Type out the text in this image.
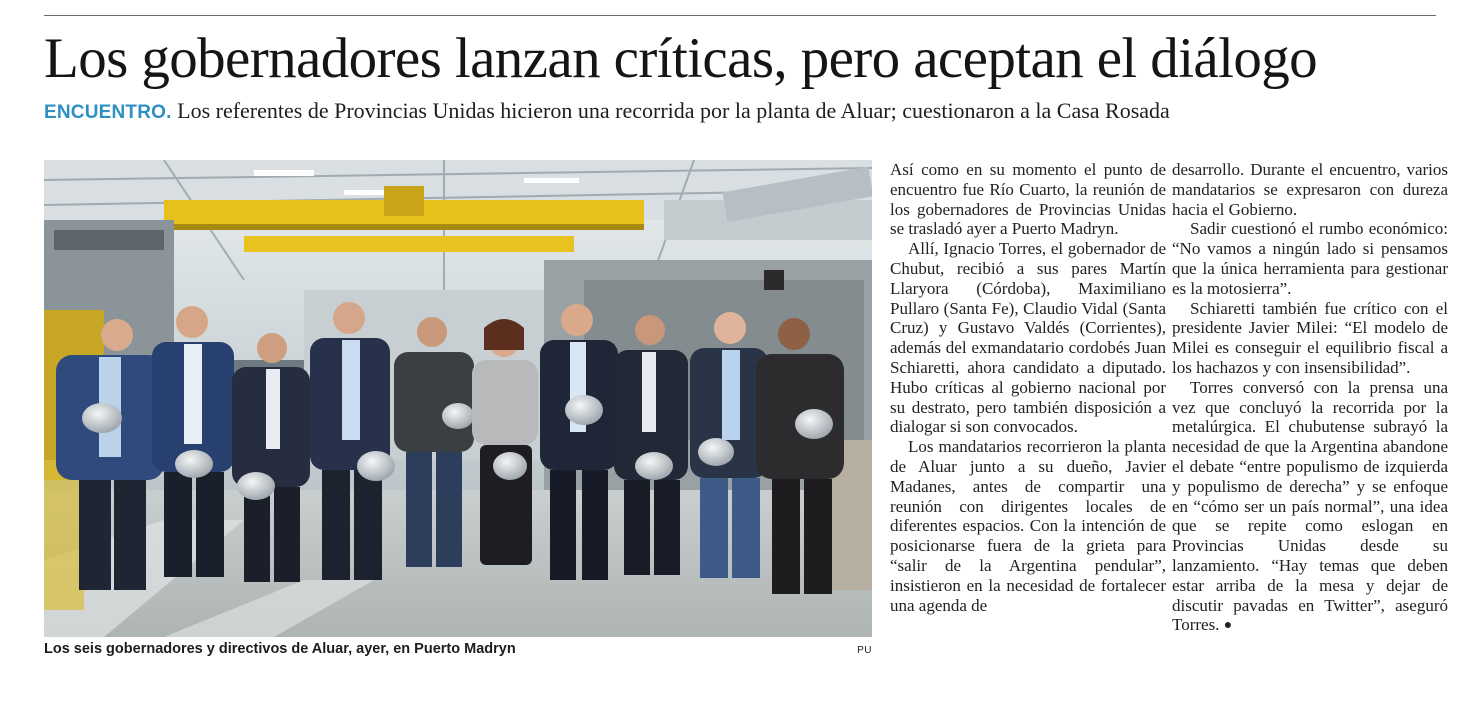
Los gobernadores lanzan críticas, pero aceptan el diálogo
ENCUENTRO. Los referentes de Provincias Unidas hicieron una recorrida por la planta de Aluar; cuestionaron a la Casa Rosada
Los seis gobernadores y directivos de Aluar, ayer, en Puerto Madryn	PU

Así como en su momento el punto de encuentro fue Río Cuarto, la reunión de los gobernadores de Provincias Unidas se trasladó ayer a Puerto Madryn.

Allí, Ignacio Torres, el gobernador de Chubut, recibió a sus pares Martín Llaryora (Córdoba), Maximiliano Pullaro (Santa Fe), Claudio Vidal (Santa Cruz) y Gustavo Valdés (Corrientes), además del exmandatario cordobés Juan Schiaretti, ahora candidato a diputado. Hubo críticas al gobierno nacional por su destrato, pero también disposición a dialogar si son convocados.

Los mandatarios recorrieron la planta de Aluar junto a su dueño, Javier Madanes, antes de compartir una reunión con dirigentes locales de diferentes espacios. Con la intención de posicionarse fuera de la grieta para “salir de la Argentina pendular”, insistieron en la necesidad de fortalecer una agenda de

desarrollo. Durante el encuentro, varios mandatarios se expresaron con dureza hacia el Gobierno.

Sadir cuestionó el rumbo económico: “No vamos a ningún lado si pensamos que la única herramienta para gestionar es la motosierra”.

Schiaretti también fue crítico con el presidente Javier Milei: “El modelo de Milei es conseguir el equilibrio fiscal a los hachazos y con insensibilidad”.

Torres conversó con la prensa una vez que concluyó la recorrida por la metalúrgica. El chubutense subrayó la necesidad de que la Argentina abandone el debate “entre populismo de izquierda y populismo de derecha” y se enfoque en “cómo ser un país normal”, una idea que se repite como eslogan en Provincias Unidas desde su lanzamiento. “Hay temas que deben estar arriba de la mesa y dejar de discutir pavadas en Twitter”, aseguró Torres. ●
